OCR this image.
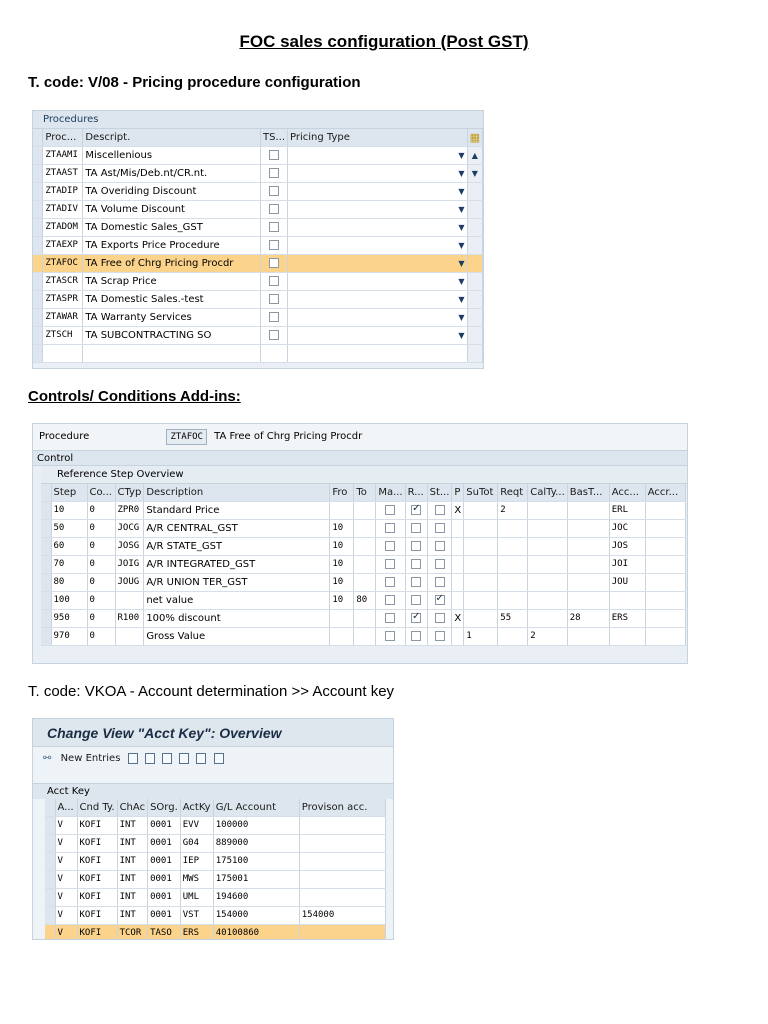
FOC sales configuration (Post GST)
T. code: V/08 - Pricing procedure configuration
Procedures
	Proc...	Descript.	TS...	Pricing Type	▦
	ZTAAMI	Miscellenious		▼	▲
	ZTAAST	TA Ast/Mis/Deb.nt/CR.nt.		▼	▼
	ZTADIP	TA Overiding Discount		▼	

	ZTADIV	TA Volume Discount		▼	

	ZTADOM	TA Domestic Sales_GST		▼	

	ZTAEXP	TA Exports Price Procedure		▼	

	ZTAFOC	TA Free of Chrg Pricing Procdr		▼	

	ZTASCR	TA Scrap Price		▼	

	ZTASPR	TA Domestic Sales.-test		▼	

	ZTAWAR	TA Warranty Services		▼	

	ZTSCH	TA SUBCONTRACTING SO		▼	

Controls/ Conditions Add-ins:
Procedure	ZTAFOC TA Free of Chrg Pricing Procdr
Control
Reference Step Overview
	Step	Co...	CTyp	Description	Fro	To	Ma...	R...	St...	P	SuTot	Reqt	CalTy...	BasT...	Acc...	Accr...
	10	0	ZPR0	Standard Price				✓		X		2			ERL	
	50	0	JOCG	A/R CENTRAL_GST	10										JOC	
	60	0	JOSG	A/R STATE_GST	10										JOS	
	70	0	JOIG	A/R INTEGRATED_GST	10										JOI	
	80	0	JOUG	A/R UNION TER_GST	10										JOU	
	100	0		net value	10	80			✓							
	950	0	R100	100% discount				✓		X		55		28	ERS	
	970	0		Gross Value							1		2			
T. code: VKOA - Account determination >> Account key
Change View "Acct Key": Overview
⚯ New Entries
Acct Key
	A...	Cnd Ty.	ChAc	SOrg.	ActKy	G/L Account	Provison acc.
	V	KOFI	INT	0001	EVV	100000	
	V	KOFI	INT	0001	G04	889000	
	V	KOFI	INT	0001	IEP	175100	
	V	KOFI	INT	0001	MWS	175001	
	V	KOFI	INT	0001	UML	194600	
	V	KOFI	INT	0001	VST	154000	154000
	V	KOFI	TCOR	TASO	ERS	40100860	
